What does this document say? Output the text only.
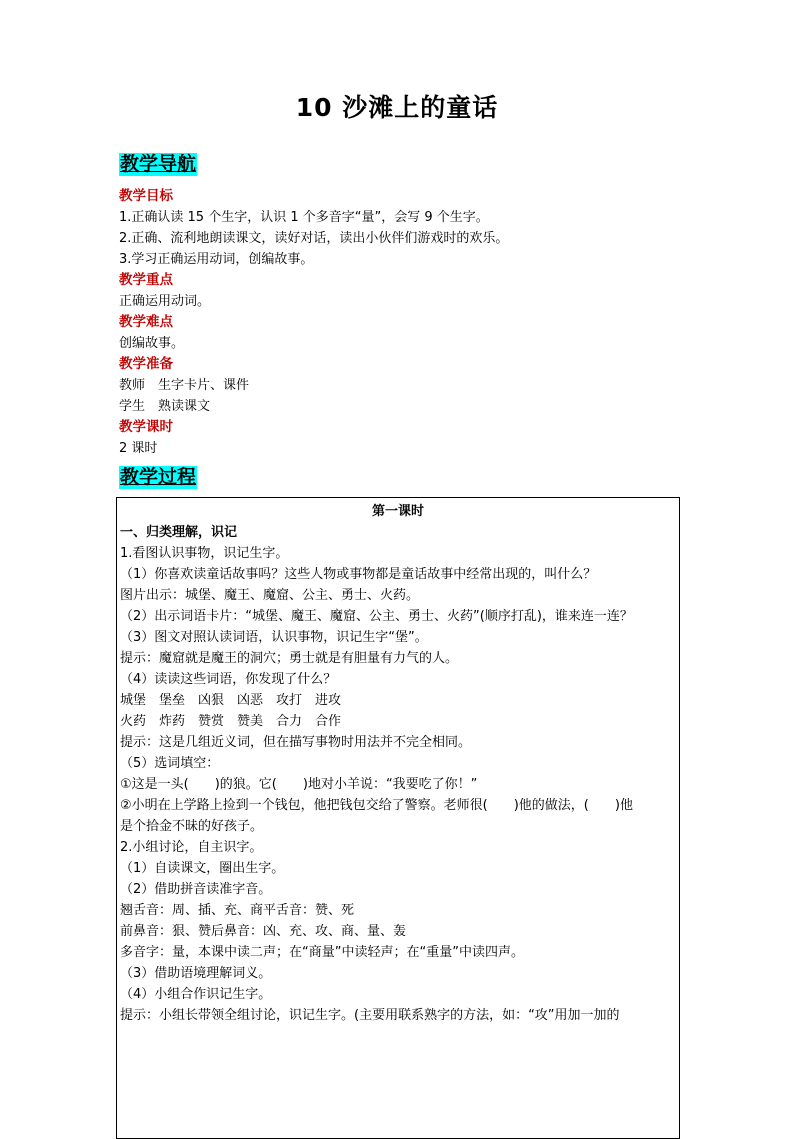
10 沙滩上的童话
教学导航
教学目标
1.正确认读 15 个生字，认识 1 个多音字“量”，会写 9 个生字。
2.正确、流利地朗读课文，读好对话，读出小伙伴们游戏时的欢乐。
3.学习正确运用动词，创编故事。
教学重点
正确运用动词。
教学难点
创编故事。
教学准备
教师　生字卡片、课件
学生　熟读课文
教学课时
2 课时
教学过程
第一课时
一、归类理解，识记
1.看图认识事物，识记生字。
（1）你喜欢读童话故事吗？这些人物或事物都是童话故事中经常出现的，叫什么？
图片出示：城堡、魔王、魔窟、公主、勇士、火药。
（2）出示词语卡片：“城堡、魔王、魔窟、公主、勇士、火药”(顺序打乱)，谁来连一连？
（3）图文对照认读词语，认识事物，识记生字“堡”。
提示：魔窟就是魔王的洞穴；勇士就是有胆量有力气的人。
（4）读读这些词语，你发现了什么？
城堡　堡垒　凶狠　凶恶　攻打　进攻
火药　炸药　赞赏　赞美　合力　合作
提示：这是几组近义词，但在描写事物时用法并不完全相同。
（5）选词填空：
①这是一头(　　)的狼。它(　　)地对小羊说：“我要吃了你！”
②小明在上学路上捡到一个钱包，他把钱包交给了警察。老师很(　　)他的做法，(　　)他
是个拾金不昧的好孩子。
2.小组讨论，自主识字。
（1）自读课文，圈出生字。
（2）借助拼音读准字音。
翘舌音：周、插、充、商平舌音：赞、死
前鼻音：狠、赞后鼻音：凶、充、攻、商、量、轰
多音字：量，本课中读二声；在“商量”中读轻声；在“重量”中读四声。
（3）借助语境理解词义。
（4）小组合作识记生字。
提示：小组长带领全组讨论，识记生字。(主要用联系熟字的方法，如：“攻”用加一加的
